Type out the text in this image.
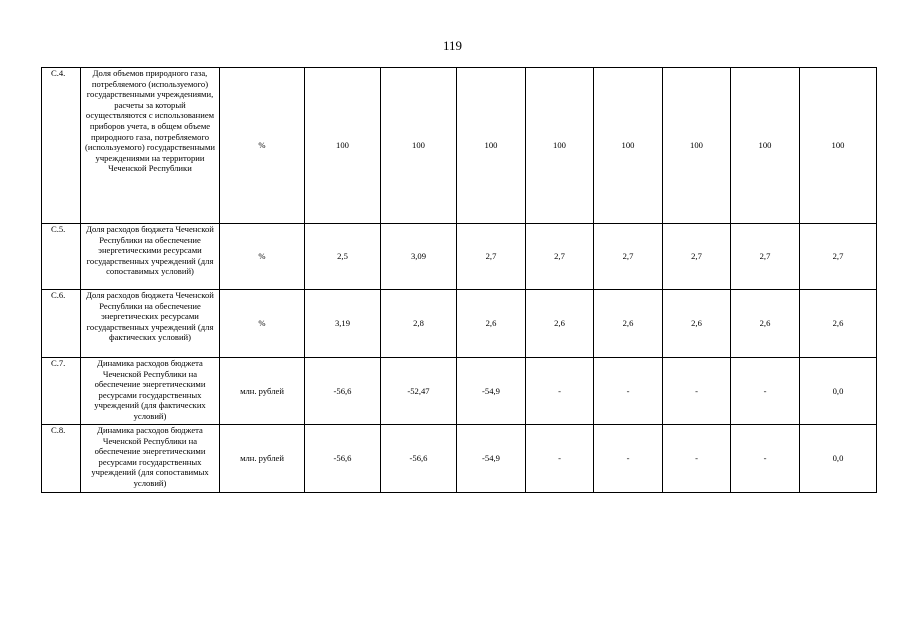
119
С.4.	Доля объемов природного газа, потребляемого (используемого) государственными учреждениями, расчеты за который осуществляются с использованием приборов учета, в общем объеме природного газа, потребляемого (используемого) государственными учреждениями на территории Чеченской Республики	%	100	100	100	100	100	100	100	100
С.5.	Доля расходов бюджета Чеченской Республики на обеспечение энергетическими ресурсами государственных учреждений (для сопоставимых условий)	%	2,5	3,09	2,7	2,7	2,7	2,7	2,7	2,7
С.6.	Доля расходов бюджета Чеченской Республики на обеспечение энергетических ресурсами государственных учреждений (для фактических условий)	%	3,19	2,8	2,6	2,6	2,6	2,6	2,6	2,6
С.7.	Динамика расходов бюджета Чеченской Республики на обеспечение энергетическими ресурсами государственных учреждений (для фактических условий)	млн. рублей	-56,6	-52,47	-54,9	-	-	-	-	0,0
С.8.	Динамика расходов бюджета Чеченской Республики на обеспечение энергетическими ресурсами государственных учреждений (для сопоставимых условий)	млн. рублей	-56,6	-56,6	-54,9	-	-	-	-	0,0
